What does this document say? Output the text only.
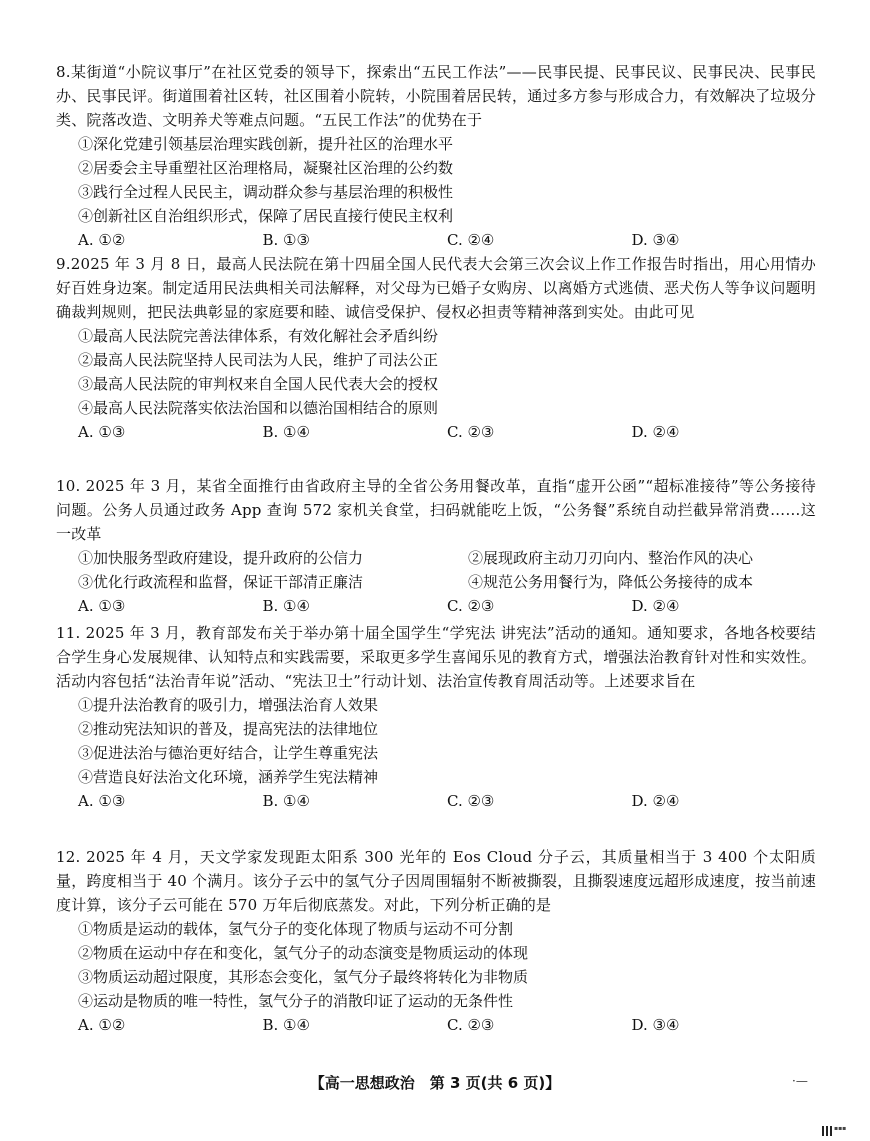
8.某街道“小院议事厅”在社区党委的领导下，探索出“五民工作法”——民事民提、民事民议、民事民决、民事民办、民事民评。街道围着社区转，社区围着小院转，小院围着居民转，通过多方参与形成合力，有效解决了垃圾分类、院落改造、文明养犬等难点问题。“五民工作法”的优势在于

①深化党建引领基层治理实践创新，提升社区的治理水平

②居委会主导重塑社区治理格局，凝聚社区治理的公约数

③践行全过程人民民主，调动群众参与基层治理的积极性

④创新社区自治组织形式，保障了居民直接行使民主权利

A. ①②	B. ①③	C. ②④	D. ③④

9.2025 年 3 月 8 日，最高人民法院在第十四届全国人民代表大会第三次会议上作工作报告时指出，用心用情办好百姓身边案。制定适用民法典相关司法解释，对父母为已婚子女购房、以离婚方式逃债、恶犬伤人等争议问题明确裁判规则，把民法典彰显的家庭要和睦、诚信受保护、侵权必担责等精神落到实处。由此可见

①最高人民法院完善法律体系，有效化解社会矛盾纠纷

②最高人民法院坚持人民司法为人民，维护了司法公正

③最高人民法院的审判权来自全国人民代表大会的授权

④最高人民法院落实依法治国和以德治国相结合的原则

A. ①③	B. ①④	C. ②③	D. ②④

10. 2025 年 3 月，某省全面推行由省政府主导的全省公务用餐改革，直指“虚开公函”“超标准接待”等公务接待问题。公务人员通过政务 App 查询 572 家机关食堂，扫码就能吃上饭，“公务餐”系统自动拦截异常消费……这一改革

①加快服务型政府建设，提升政府的公信力	②展现政府主动刀刃向内、整治作风的决心
③优化行政流程和监督，保证干部清正廉洁	④规范公务用餐行为，降低公务接待的成本
A. ①③	B. ①④	C. ②③	D. ②④

11. 2025 年 3 月，教育部发布关于举办第十届全国学生“学宪法 讲宪法”活动的通知。通知要求，各地各校要结合学生身心发展规律、认知特点和实践需要，采取更多学生喜闻乐见的教育方式，增强法治教育针对性和实效性。活动内容包括“法治青年说”活动、“宪法卫士”行动计划、法治宣传教育周活动等。上述要求旨在

①提升法治教育的吸引力，增强法治育人效果

②推动宪法知识的普及，提高宪法的法律地位

③促进法治与德治更好结合，让学生尊重宪法

④营造良好法治文化环境，涵养学生宪法精神

A. ①③	B. ①④	C. ②③	D. ②④

12. 2025 年 4 月，天文学家发现距太阳系 300 光年的 Eos Cloud 分子云，其质量相当于 3 400 个太阳质量，跨度相当于 40 个满月。该分子云中的氢气分子因周围辐射不断被撕裂，且撕裂速度远超形成速度，按当前速度计算，该分子云可能在 570 万年后彻底蒸发。对此，下列分析正确的是

①物质是运动的载体，氢气分子的变化体现了物质与运动不可分割

②物质在运动中存在和变化，氢气分子的动态演变是物质运动的体现

③物质运动超过限度，其形态会变化，氢气分子最终将转化为非物质

④运动是物质的唯一特性，氢气分子的消散印证了运动的无条件性

A. ①②	B. ①④	C. ②③	D. ③④
【高一思想政治　第 3 页(共 6 页)】	·—
▪▪▪
